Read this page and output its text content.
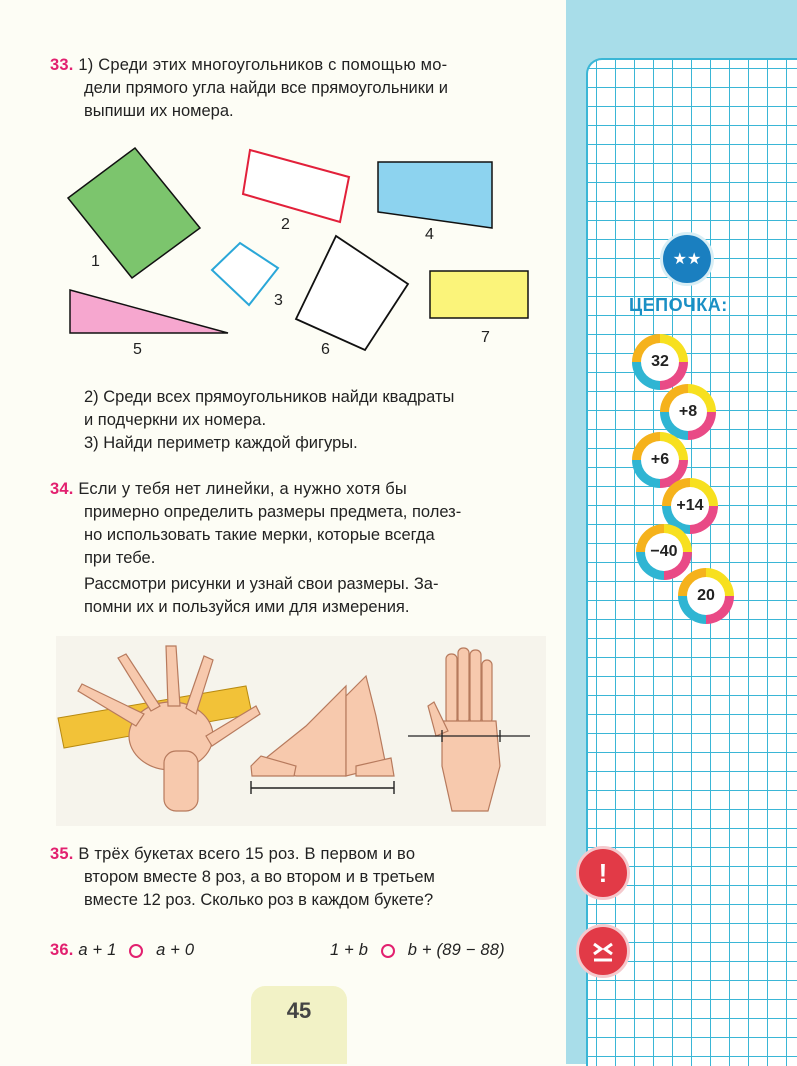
33. 1) Среди этих многоугольников с помощью мо-
дели прямого угла найди все прямоугольники и
выпиши их номера.
1
2
3
4
5	6
7
2) Среди всех прямоугольников найди квадраты
и подчеркни их номера.
3) Найди периметр каждой фигуры.
34. Если у тебя нет линейки, а нужно хотя бы
примерно определить размеры предмета, полез-
но использовать такие мерки, которые всегда
при тебе.
Рассмотри рисунки и узнай свои размеры. За-
помни их и пользуйся ими для измерения.
35. В трёх букетах всего 15 роз. В первом и во
втором вместе 8 роз, а во втором и в третьем
вместе 12 роз. Сколько роз в каждом букете?
36. a + 1 a + 0	1 + b b + (89 − 88)
45
★★
ЦЕПОЧКА:
32
+8
+6
+14
−40
20
!
